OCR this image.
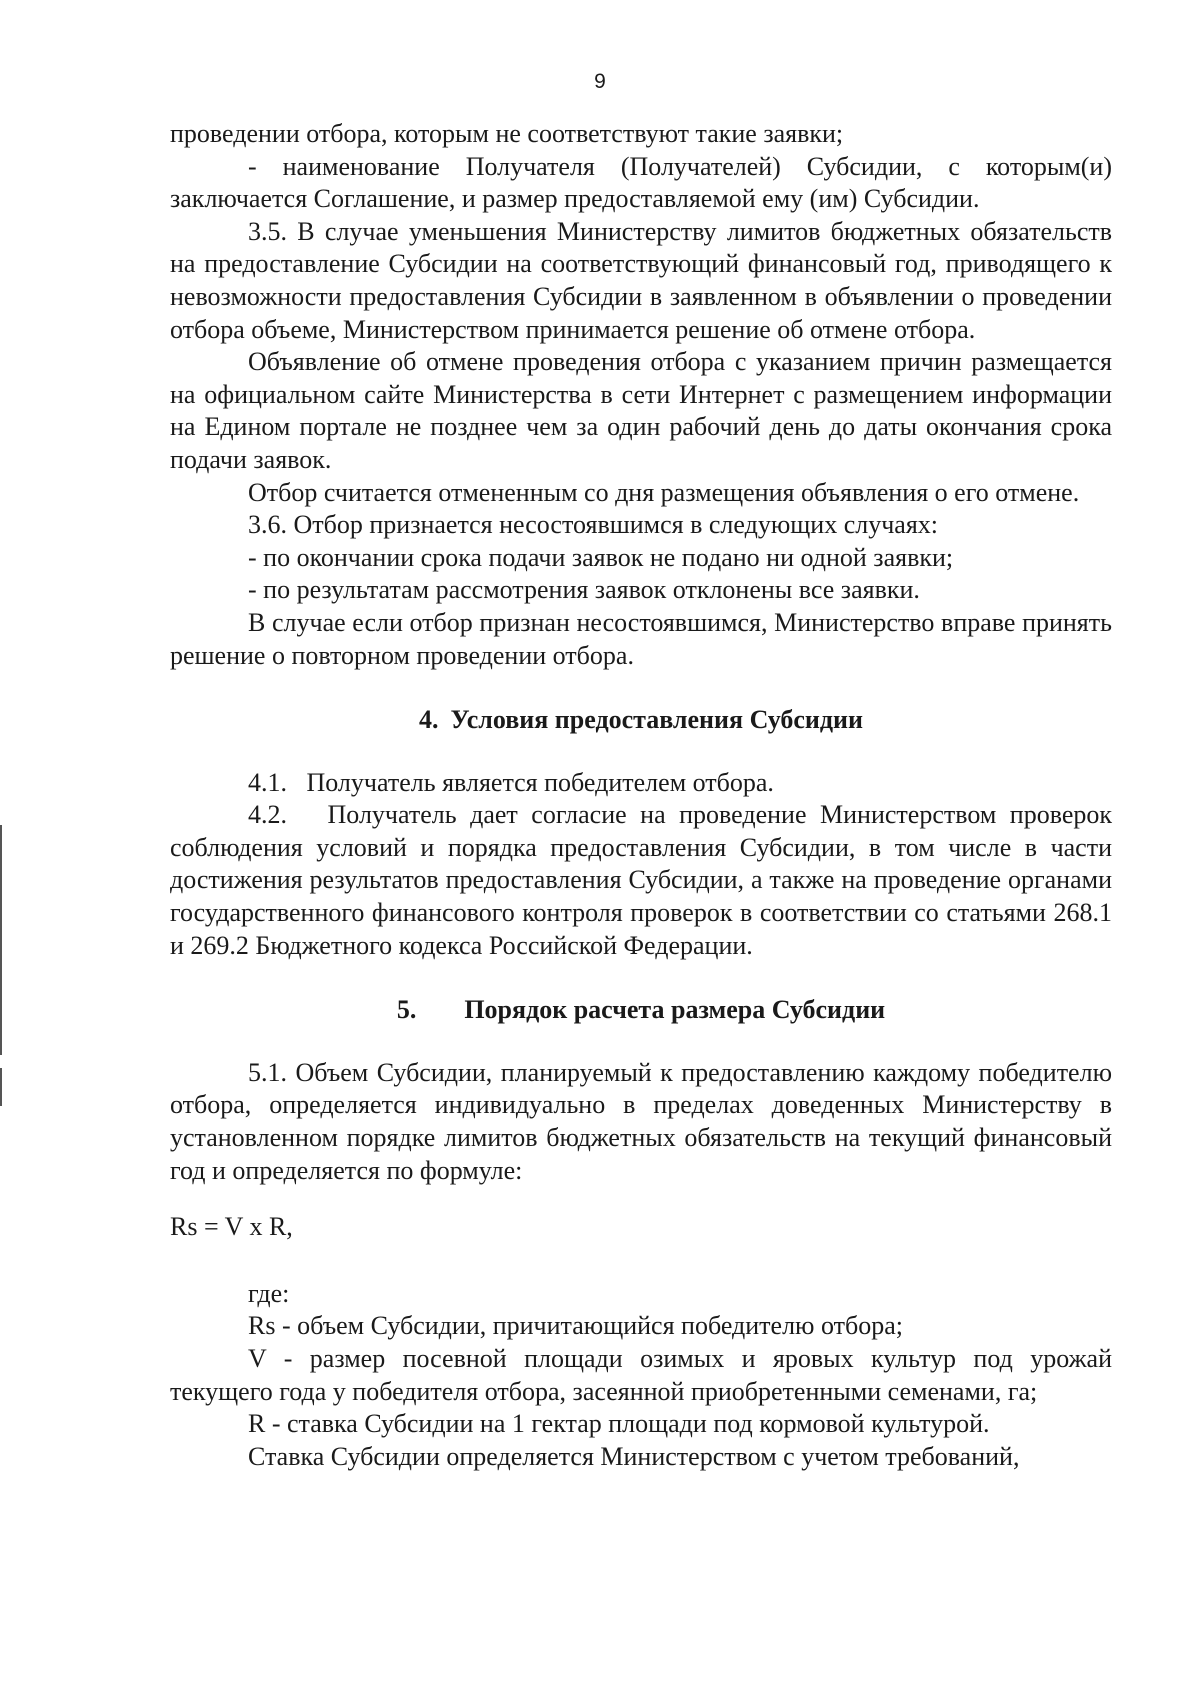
9

проведении отбора, которым не соответствуют такие заявки;

- наименование Получателя (Получателей) Субсидии, с которым(и) заключается Соглашение, и размер предоставляемой ему (им) Субсидии.

3.5. В случае уменьшения Министерству лимитов бюджетных обязательств на предоставление Субсидии на соответствующий финансовый год, приводящего к невозможности предоставления Субсидии в заявленном в объявлении о проведении отбора объеме, Министерством принимается решение об отмене отбора.

Объявление об отмене проведения отбора с указанием причин размещается на официальном сайте Министерства в сети Интернет с размещением информации на Едином портале не позднее чем за один рабочий день до даты окончания срока подачи заявок.

Отбор считается отмененным со дня размещения объявления о его отмене.

3.6. Отбор признается несостоявшимся в следующих случаях:

- по окончании срока подачи заявок не подано ни одной заявки;

- по результатам рассмотрения заявок отклонены все заявки.

В случае если отбор признан несостоявшимся, Министерство вправе принять решение о повторном проведении отбора.

4. Условия предоставления Субсидии

4.1.   Получатель является победителем отбора.

4.2.   Получатель дает согласие на проведение Министерством проверок соблюдения условий и порядка предоставления Субсидии, в том числе в части достижения результатов предоставления Субсидии, а также на проведение органами государственного финансового контроля проверок в соответствии со статьями 268.1 и 269.2 Бюджетного кодекса Российской Федерации.

5. Порядок расчета размера Субсидии

5.1. Объем Субсидии, планируемый к предоставлению каждому победителю отбора, определяется индивидуально в пределах доведенных Министерству в установленном порядке лимитов бюджетных обязательств на текущий финансовый год и определяется по формуле:

Rs = V x R,

где:

Rs - объем Субсидии, причитающийся победителю отбора;

V - размер посевной площади озимых и яровых культур под урожай текущего года у победителя отбора, засеянной приобретенными семенами, га;

R - ставка Субсидии на 1 гектар площади под кормовой культурой.

Ставка Субсидии определяется Министерством с учетом требований,
